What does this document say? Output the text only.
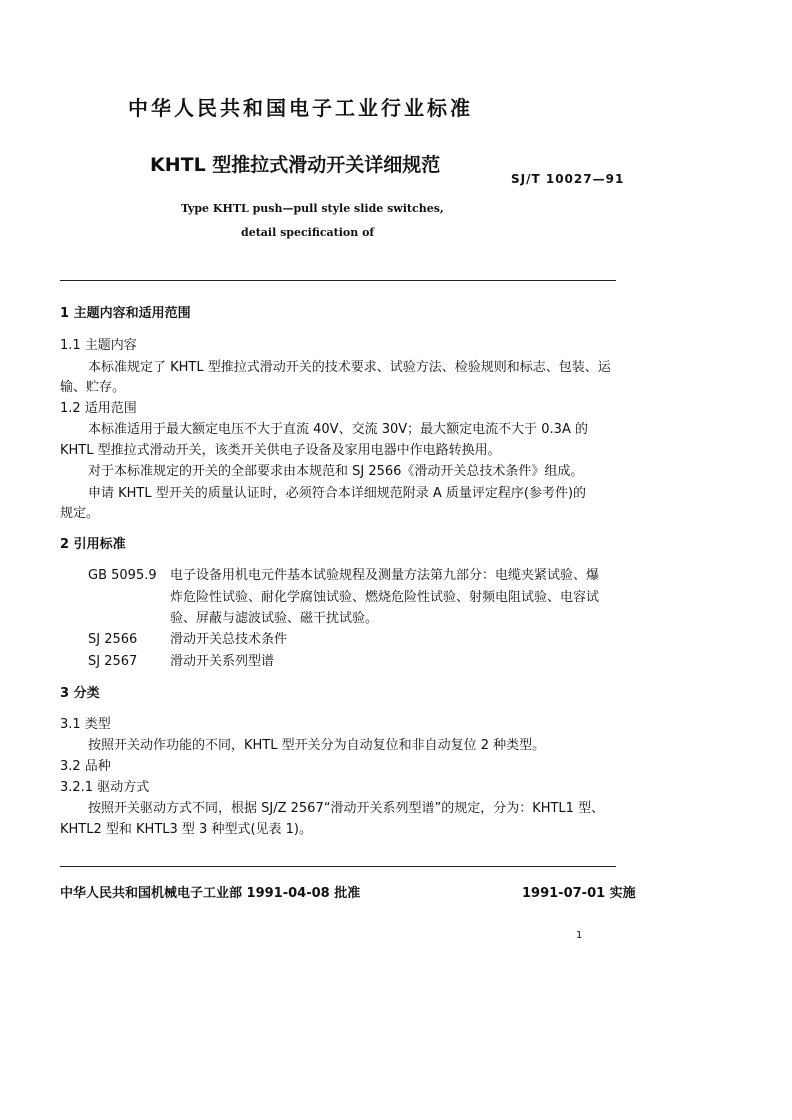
中华人民共和国电子工业行业标准
KHTL 型推拉式滑动开关详细规范
SJ/T 10027—91
Type KHTL push—pull style slide switches,
detail specification of
1 主题内容和适用范围
1.1 主题内容
本标准规定了 KHTL 型推拉式滑动开关的技术要求、试验方法、检验规则和标志、包装、运
输、贮存。
1.2 适用范围
本标准适用于最大额定电压不大于直流 40V、交流 30V；最大额定电流不大于 0.3A 的
KHTL 型推拉式滑动开关，该类开关供电子设备及家用电器中作电路转换用。
对于本标准规定的开关的全部要求由本规范和 SJ 2566《滑动开关总技术条件》组成。
申请 KHTL 型开关的质量认证时，必须符合本详细规范附录 A 质量评定程序(参考件)的
规定。
2 引用标准
GB 5095.9 电子设备用机电元件基本试验规程及测量方法第九部分：电缆夹紧试验、爆
炸危险性试验、耐化学腐蚀试验、燃烧危险性试验、射频电阻试验、电容试
验、屏蔽与滤波试验、磁干扰试验。
SJ 2566	滑动开关总技术条件
SJ 2567	滑动开关系列型谱
3 分类
3.1 类型
按照开关动作功能的不同，KHTL 型开关分为自动复位和非自动复位 2 种类型。
3.2 品种
3.2.1 驱动方式
按照开关驱动方式不同，根据 SJ/Z 2567“滑动开关系列型谱”的规定，分为：KHTL1 型、
KHTL2 型和 KHTL3 型 3 种型式(见表 1)。
中华人民共和国机械电子工业部 1991-04-08 批准	1991-07-01 实施
1
